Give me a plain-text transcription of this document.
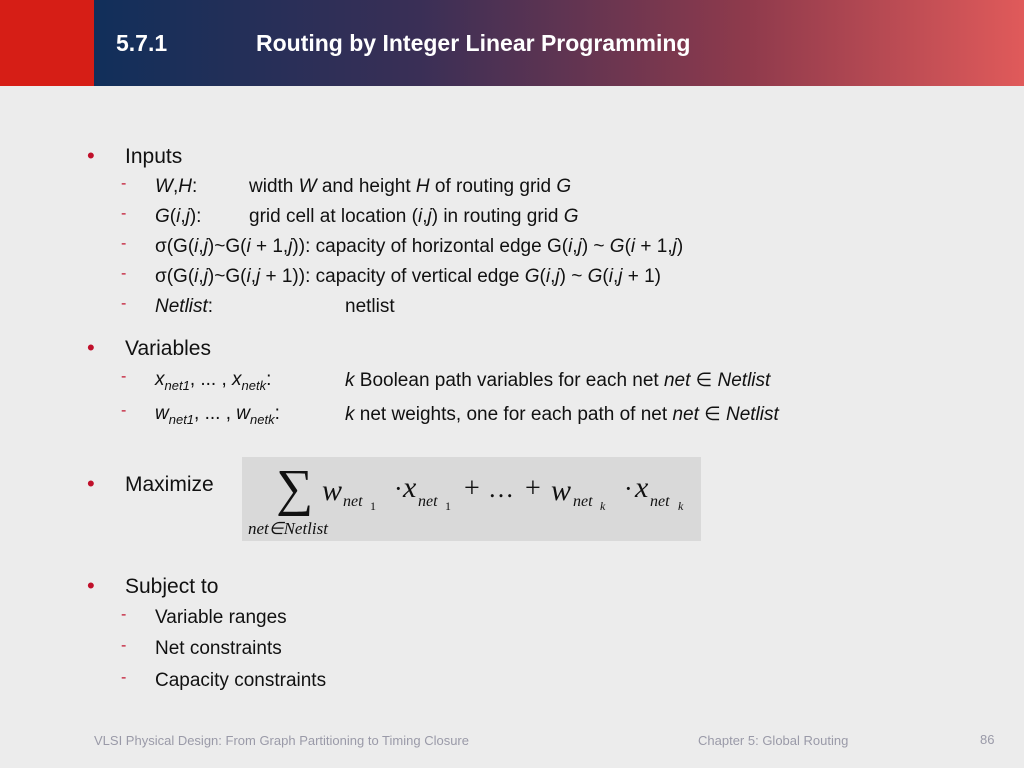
5.7.1	Routing by Integer Linear Programming
• Inputs
- W,H:	width W and height H of routing grid G
- G(i,j):	grid cell at location (i,j) in routing grid G
- σ(G(i,j)~G(i + 1,j)): capacity of horizontal edge G(i,j) ~ G(i + 1,j)
- σ(G(i,j)~G(i,j + 1)): capacity of vertical edge G(i,j) ~ G(i,j + 1)
- Netlist:	netlist
• Variables
- $x_{net1}$, ... , $x_{netk}$:	k Boolean path variables for each net net ∈ Netlist
- $w_{net1}$, ... , $w_{netk}$:	k net weights, one for each path of net net ∈ Netlist
• Maximize ∑
net∈Netlist
w net 1
· x net 1
+ … + w net k
· x net k
• Subject to
- Variable ranges
- Net constraints
- Capacity constraints
VLSI Physical Design: From Graph Partitioning to Timing Closure	Chapter 5: Global Routing	86
